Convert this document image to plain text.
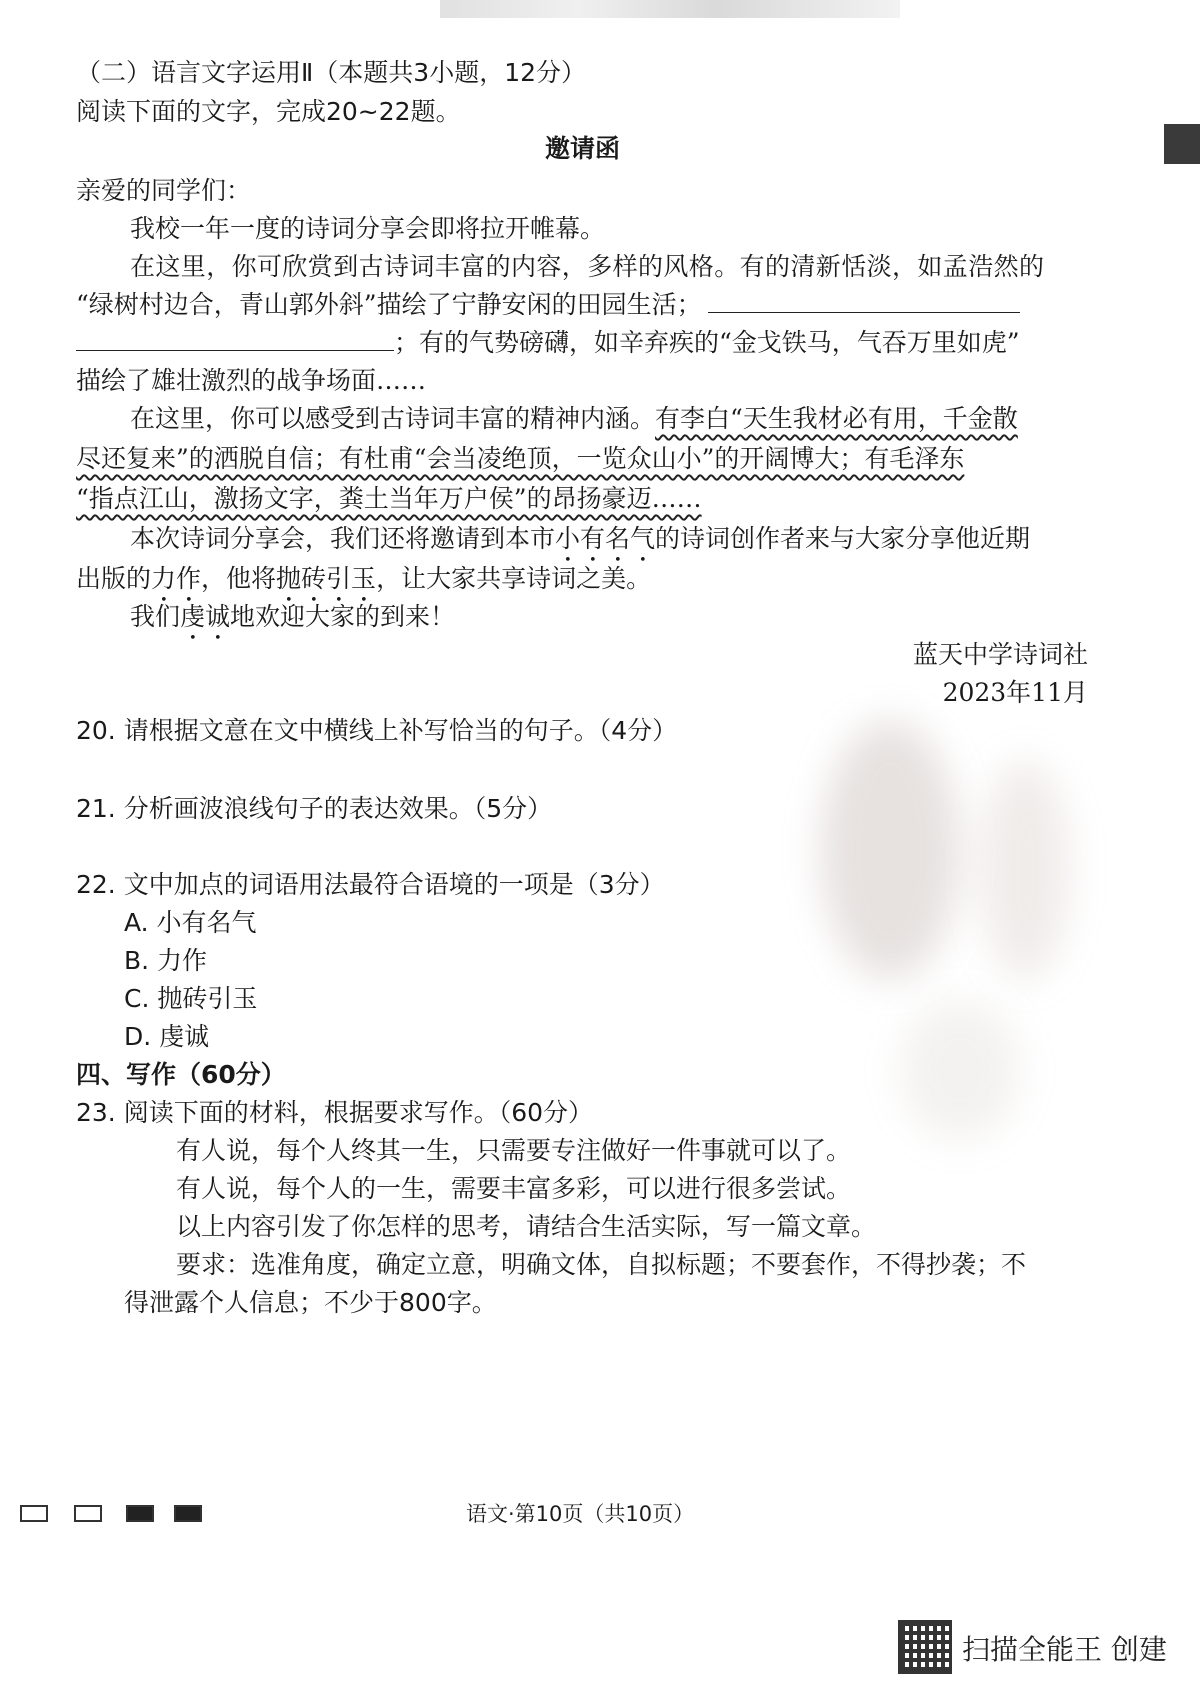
（二）语言文字运用Ⅱ（本题共3小题，12分）
阅读下面的文字，完成20~22题。
邀请函
亲爱的同学们：
我校一年一度的诗词分享会即将拉开帷幕。
在这里，你可欣赏到古诗词丰富的内容，多样的风格。有的清新恬淡，如孟浩然的
“绿树村边合，青山郭外斜”描绘了宁静安闲的田园生活；
；有的气势磅礴，如辛弃疾的“金戈铁马，气吞万里如虎”
描绘了雄壮激烈的战争场面……
在这里，你可以感受到古诗词丰富的精神内涵。有李白“天生我材必有用，千金散
尽还复来”的洒脱自信；有杜甫“会当凌绝顶，一览众山小”的开阔博大；有毛泽东
“指点江山，激扬文字，粪土当年万户侯”的昂扬豪迈……
本次诗词分享会，我们还将邀请到本市小有名气的诗词创作者来与大家分享他近期
出版的力作，他将抛砖引玉，让大家共享诗词之美。
我们虔诚地欢迎大家的到来！
蓝天中学诗词社
2023年11月
20. 请根据文意在文中横线上补写恰当的句子。（4分）
21. 分析画波浪线句子的表达效果。（5分）
22. 文中加点的词语用法最符合语境的一项是（3分）
A. 小有名气
B. 力作
C. 抛砖引玉
D. 虔诚
四、写作（60分）
23. 阅读下面的材料，根据要求写作。（60分）
有人说，每个人终其一生，只需要专注做好一件事就可以了。
有人说，每个人的一生，需要丰富多彩，可以进行很多尝试。
以上内容引发了你怎样的思考，请结合生活实际，写一篇文章。
要求：选准角度，确定立意，明确文体，自拟标题；不要套作，不得抄袭；不
得泄露个人信息；不少于800字。
语文·第10页（共10页）
扫描全能王 创建
